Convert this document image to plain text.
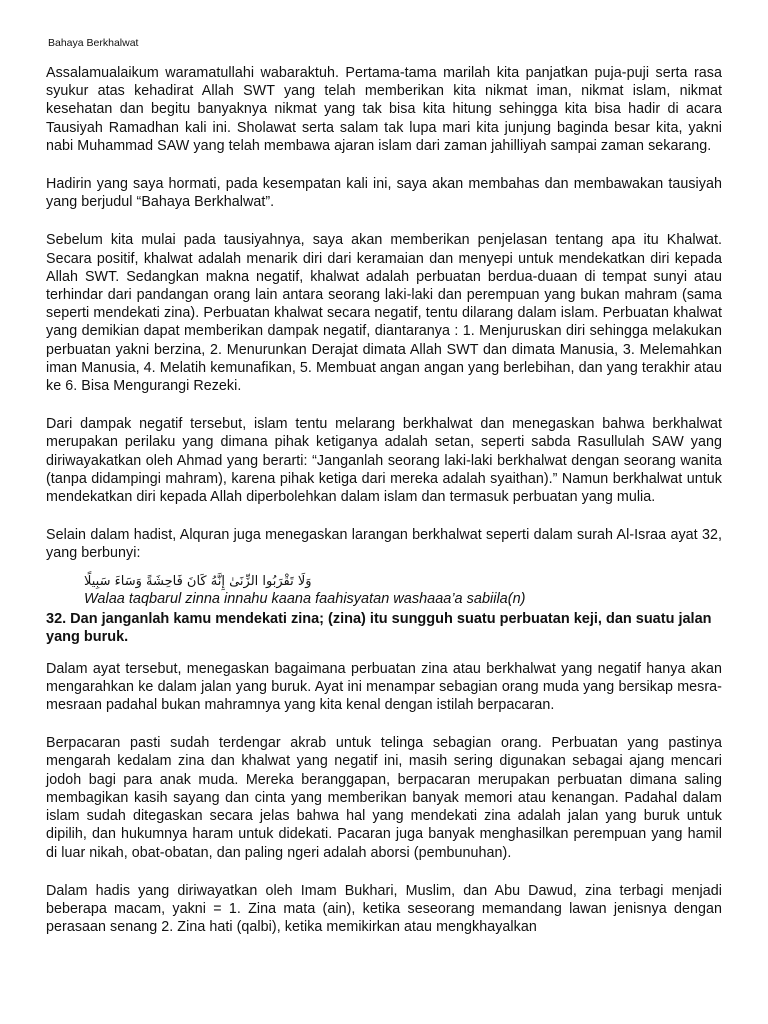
Bahaya Berkhalwat

Assalamualaikum waramatullahi wabaraktuh. Pertama-tama marilah kita panjatkan puja-puji serta rasa syukur atas kehadirat Allah SWT yang telah memberikan kita nikmat iman, nikmat islam, nikmat kesehatan dan begitu banyaknya nikmat yang tak bisa kita hitung sehingga kita bisa hadir di acara Tausiyah Ramadhan kali ini. Sholawat serta salam tak lupa mari kita junjung baginda besar kita, yakni nabi Muhammad SAW yang telah membawa ajaran islam dari zaman jahilliyah sampai zaman sekarang.

Hadirin yang saya hormati, pada kesempatan kali ini, saya akan membahas dan membawakan tausiyah yang berjudul “Bahaya Berkhalwat”.

Sebelum kita mulai pada tausiyahnya, saya akan memberikan penjelasan tentang apa itu Khalwat. Secara positif, khalwat adalah menarik diri dari keramaian dan menyepi untuk mendekatkan diri kepada Allah SWT. Sedangkan makna negatif, khalwat adalah perbuatan berdua-duaan di tempat sunyi atau terhindar dari pandangan orang lain antara seorang laki-laki dan perempuan yang bukan mahram (sama seperti mendekati zina). Perbuatan khalwat secara negatif, tentu dilarang dalam islam. Perbuatan khalwat yang demikian dapat memberikan dampak negatif, diantaranya : 1. Menjuruskan diri sehingga melakukan perbuatan yakni berzina, 2. Menurunkan Derajat dimata Allah SWT dan dimata Manusia, 3. Melemahkan iman Manusia, 4. Melatih kemunafikan, 5. Membuat angan angan yang berlebihan, dan yang terakhir atau ke 6. Bisa Mengurangi Rezeki.

Dari dampak negatif tersebut, islam tentu melarang berkhalwat dan menegaskan bahwa berkhalwat merupakan perilaku yang dimana pihak ketiganya adalah setan, seperti sabda Rasullulah SAW yang diriwayakatkan oleh Ahmad yang berarti: “Janganlah seorang laki-laki berkhalwat dengan seorang wanita (tanpa didampingi mahram), karena pihak ketiga dari mereka adalah syaithan).” Namun berkhalwat untuk mendekatkan diri kepada Allah diperbolehkan dalam islam dan termasuk perbuatan yang mulia.

Selain dalam hadist, Alquran juga menegaskan larangan berkhalwat seperti dalam surah Al-Israa ayat 32, yang berbunyi:

وَلَا تَقْرَبُوا الزِّنَىٰ إِنَّهُ كَانَ فَاحِشَةً وَسَاءَ سَبِيلًا
Walaa taqbarul zinna innahu kaana faahisyatan washaaa’a sabiila(n)
32. Dan janganlah kamu mendekati zina; (zina) itu sungguh suatu perbuatan keji, dan suatu jalan yang buruk.

Dalam ayat tersebut, menegaskan bagaimana perbuatan zina atau berkhalwat yang negatif hanya akan mengarahkan ke dalam jalan yang buruk. Ayat ini menampar sebagian orang muda yang bersikap mesra-mesraan padahal bukan mahramnya yang kita kenal dengan istilah berpacaran.

Berpacaran pasti sudah terdengar akrab untuk telinga sebagian orang. Perbuatan yang pastinya mengarah kedalam zina dan khalwat yang negatif ini, masih sering digunakan sebagai ajang mencari jodoh bagi para anak muda. Mereka beranggapan, berpacaran merupakan perbuatan dimana saling membagikan kasih sayang dan cinta yang memberikan banyak memori atau kenangan. Padahal dalam islam sudah ditegaskan secara jelas bahwa hal yang mendekati zina adalah jalan yang buruk untuk dipilih, dan hukumnya haram untuk didekati. Pacaran juga banyak menghasilkan perempuan yang hamil di luar nikah, obat-obatan, dan paling ngeri adalah aborsi (pembunuhan).

Dalam hadis yang diriwayatkan oleh Imam Bukhari, Muslim, dan Abu Dawud, zina terbagi menjadi beberapa macam, yakni = 1. Zina mata (ain), ketika seseorang memandang lawan jenisnya dengan perasaan senang 2. Zina hati (qalbi), ketika memikirkan atau mengkhayalkan
